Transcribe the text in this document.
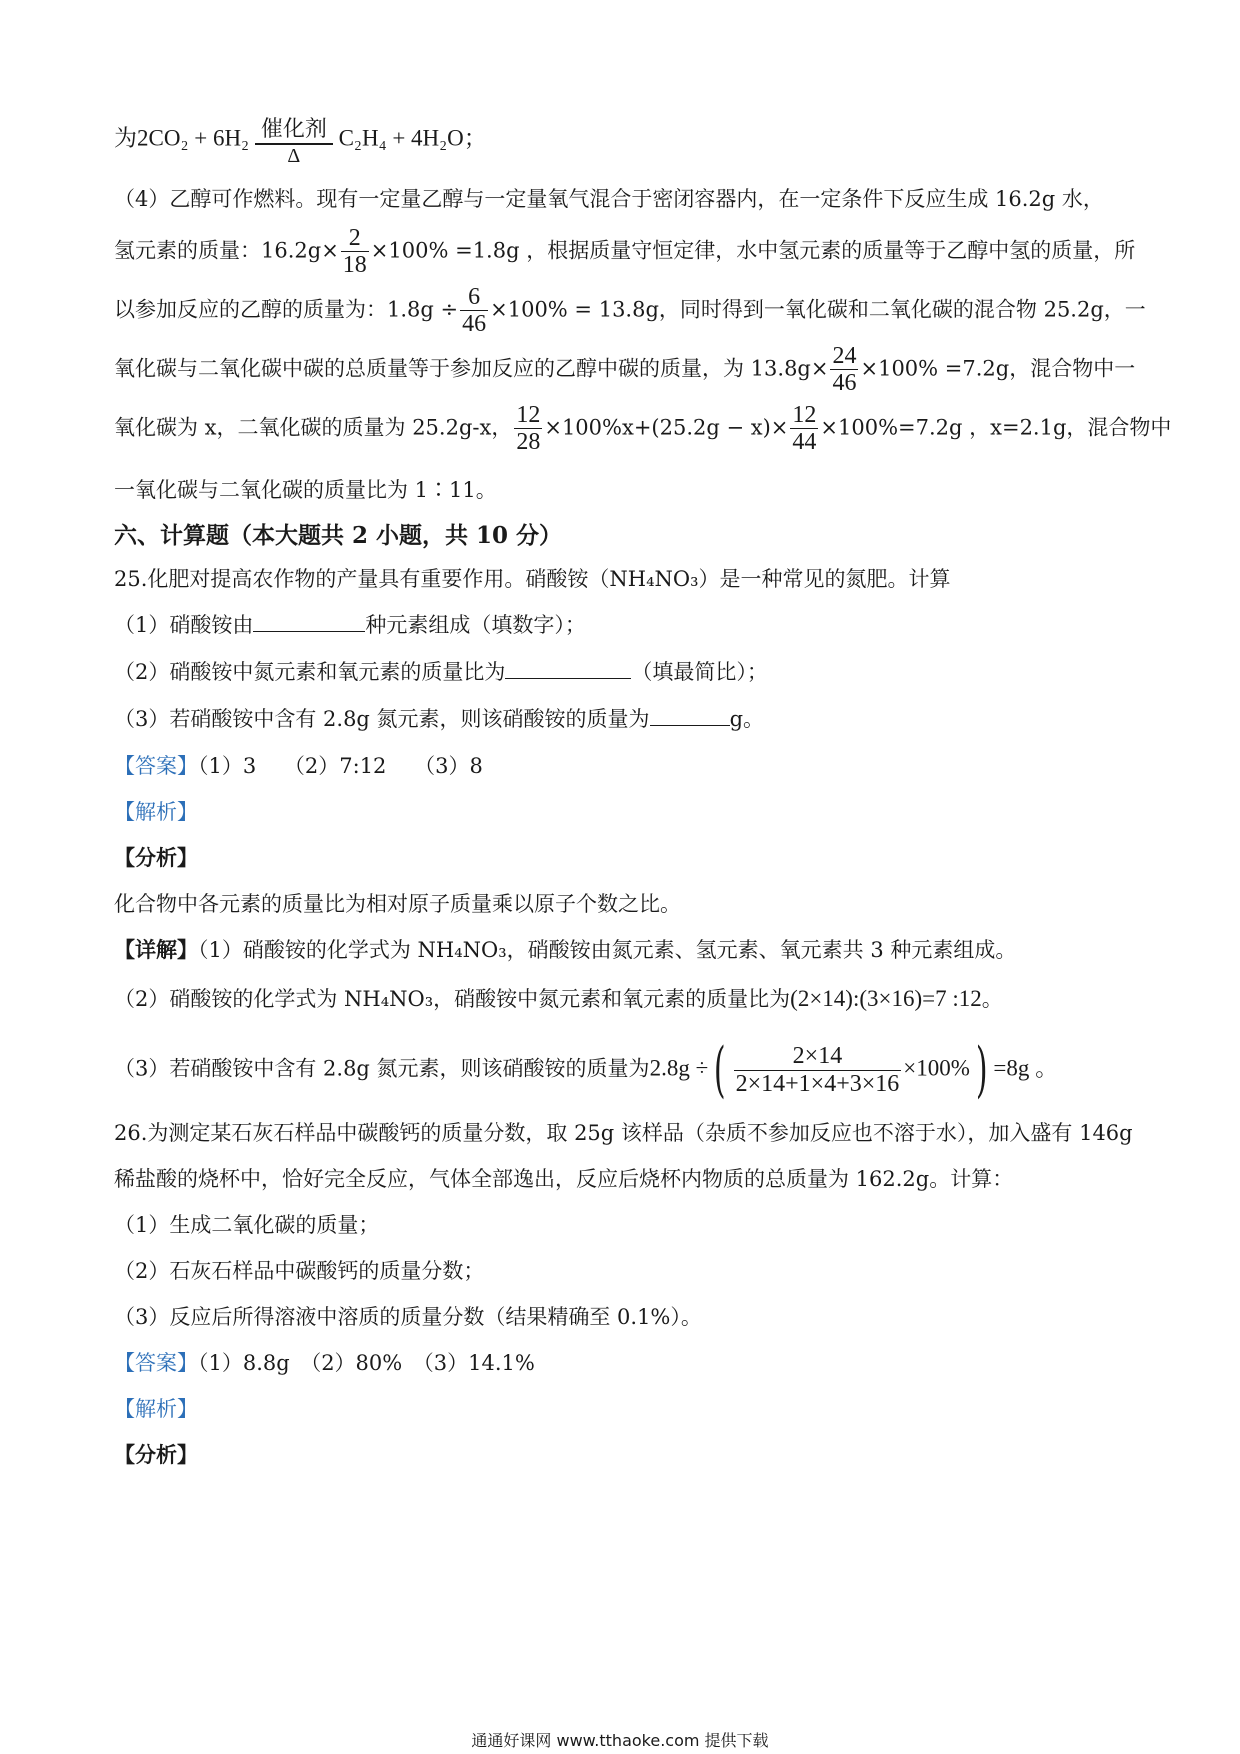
为2CO₂ + 6H₂ 催化剂
Δ
C₂H₄ + 4H₂O；
（4）乙醇可作燃料。现有一定量乙醇与一定量氧气混合于密闭容器内，在一定条件下反应生成 16.2g 水，
氢元素的质量：$16.2g\times \frac{2}{18} \times 100\% =1.8g$ ，根据质量守恒定律，水中氢元素的质量等于乙醇中氢的质量，所
以参加反应的乙醇的质量为：$1.8g \div \frac{6}{46} \times 100\% = 13.8g$，同时得到一氧化碳和二氧化碳的混合物 25.2g，一
氧化碳与二氧化碳中碳的总质量等于参加反应的乙醇中碳的质量，为 $13.8g\times \frac{24}{46} \times 100\% =7.2g$，混合物中一
氧化碳为 x，二氧化碳的质量为 25.2g-x， $\frac{12}{28} \times 100\%x+(25.2g - x)\times \frac{12}{44} \times 100\%=7.2g$ ，x=2.1g，混合物中
一氧化碳与二氧化碳的质量比为 1∶11。
六、计算题（本大题共 2 小题，共 10 分）
25.化肥对提高农作物的产量具有重要作用。硝酸铵（NH₄NO₃）是一种常见的氮肥。计算
（1）硝酸铵由	种元素组成（填数字）；
（2）硝酸铵中氮元素和氧元素的质量比为	（填最简比）；
（3）若硝酸铵中含有 2.8g 氮元素，则该硝酸铵的质量为	g。
【答案】（1）3　 （2）7:12　 （3）8
【解析】
【分析】
化合物中各元素的质量比为相对原子质量乘以原子个数之比。
【详解】（1）硝酸铵的化学式为 NH₄NO₃，硝酸铵由氮元素、氢元素、氧元素共 3 种元素组成。
（2）硝酸铵的化学式为 NH₄NO₃，硝酸铵中氮元素和氧元素的质量比为(2×14):(3×16)=7 :12。
（3）若硝酸铵中含有 2.8g 氮元素，则该硝酸铵的质量为2.8g ÷( $\frac{2\times 14}{2\times 14+1\times 4+3\times 16} \times 100\%) =8g$ 。
26.为测定某石灰石样品中碳酸钙的质量分数，取 25g 该样品（杂质不参加反应也不溶于水），加入盛有 146g
稀盐酸的烧杯中，恰好完全反应，气体全部逸出，反应后烧杯内物质的总质量为 162.2g。计算：
（1）生成二氧化碳的质量；
（2）石灰石样品中碳酸钙的质量分数；
（3）反应后所得溶液中溶质的质量分数（结果精确至 0.1%）。
【答案】（1）8.8g　（2）80%　（3）14.1%
【解析】
【分析】
通通好课网 www.tthaoke.com 提供下载
